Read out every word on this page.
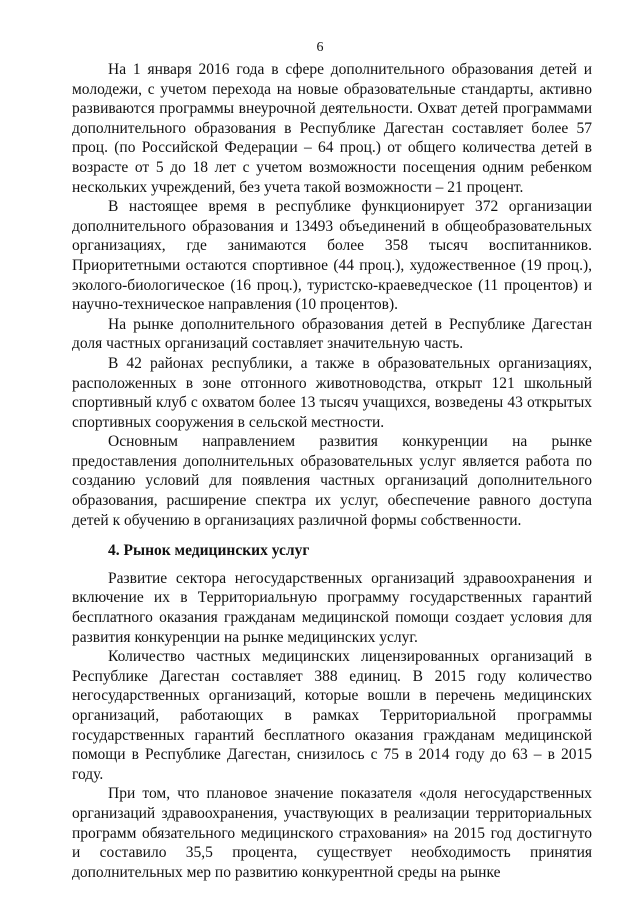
6

На 1 января 2016 года в сфере дополнительного образования детей и молодежи, с учетом перехода на новые образовательные стандарты, активно развиваются программы внеурочной деятельности. Охват детей программами дополнительного образования в Республике Дагестан составляет более 57 проц. (по Российской Федерации – 64 проц.) от общего количества детей в возрасте от 5 до 18 лет с учетом возможности посещения одним ребенком нескольких учреждений, без учета такой возможности – 21 процент.

В настоящее время в республике функционирует 372 организации дополнительного образования и 13493 объединений в общеобразовательных организациях, где занимаются более 358 тысяч воспитанников. Приоритетными остаются спортивное (44 проц.), художественное (19 проц.), эколого-биологическое (16 проц.), туристско-краеведческое (11 процентов) и научно-техническое направления (10 процентов).

На рынке дополнительного образования детей в Республике Дагестан доля частных организаций составляет значительную часть.

В 42 районах республики, а также в образовательных организациях, расположенных в зоне отгонного животноводства, открыт 121 школьный спортивный клуб с охватом более 13 тысяч учащихся, возведены 43 открытых спортивных сооружения в сельской местности.

Основным направлением развития конкуренции на рынке предоставления дополнительных образовательных услуг является работа по созданию условий для появления частных организаций дополнительного образования, расширение спектра их услуг, обеспечение равного доступа детей к обучению в организациях различной формы собственности.

4. Рынок медицинских услуг

Развитие сектора негосударственных организаций здравоохранения и включение их в Территориальную программу государственных гарантий бесплатного оказания гражданам медицинской помощи создает условия для развития конкуренции на рынке медицинских услуг.

Количество частных медицинских лицензированных организаций в Республике Дагестан составляет 388 единиц. В 2015 году количество негосударственных организаций, которые вошли в перечень медицинских организаций, работающих в рамках Территориальной программы государственных гарантий бесплатного оказания гражданам медицинской помощи в Республике Дагестан, снизилось с 75 в 2014 году до 63 – в 2015 году.

При том, что плановое значение показателя «доля негосударственных организаций здравоохранения, участвующих в реализации территориальных программ обязательного медицинского страхования» на 2015 год достигнуто и составило 35,5 процента, существует необходимость принятия дополнительных мер по развитию конкурентной среды на рынке
